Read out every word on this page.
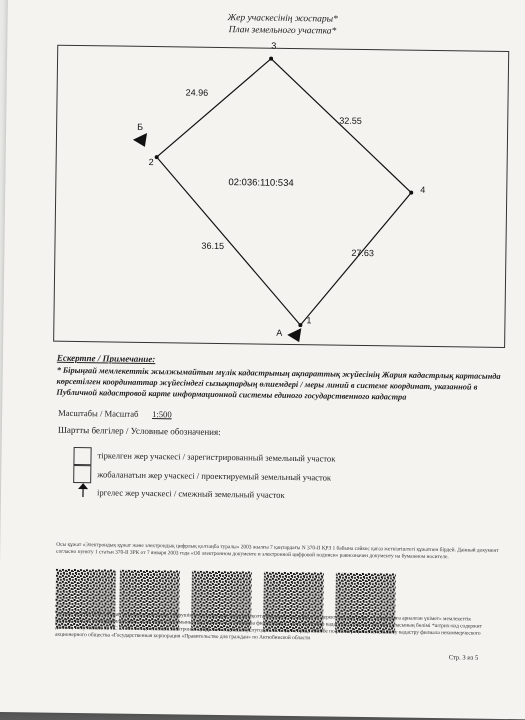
Жер учаскесінің жоспары*
План земельного участка*
3
4
1
2
Б
А
24.96
32.55
27.63
36.15
02:036:110:534
Ескертпе / Примечание:
* Бірыңғай мемлекеттік жылжымайтын мүлік кадастрының ақпараттық жүйесінің Жария кадастрлық картасында көрсетілген координаттар жүйесіндегі сызықтардың өлшемдері / меры линий в системе координат, указанной в Публичной кадастровой карте информационной системы единого государственного кадастра
Масштабы / Масштаб 1:500
Шартты белгілер / Условные обозначения:
тіркелген жер учаскесі / зарегистрированный земельный участок
жобаланатын жер учаскесі / проектируемый земельный участок
іргелес жер учаскесі / смежный земельный участок
Осы құжат «Электрондық құжат және электрондық цифрлық қолтаңба туралы» 2003 жылғы 7 қаңтардағы N 370-II ҚРЗ 1 бабына сәйкес қағаз жеткізгіштегі құжатпен бірдей. Данный документ согласно пункту 1 статьи 370-II ЗРК от 7 января 2003 года «Об электронном документе и электронной цифровой подписи» равнозначен документу на бумажном носителе.
*штрих-код ЖМБМ АЖ-дан алынған және қызмет берушінің электрондық-цифрлық қолтаңбасымен қол қойылған деректерді қамтиды: «Азаматтарға арналған үкімет» мемлекеттік корпорациясы» коммерциялық емес акционерлік қоғамының Ақтөбе облысы бойынша филиалының тіркеу және жер кадастры бойынша Ақтөбе қаласының бөлімі *штрих-код содержит данные, полученные из ИС ЕГКН и подписанные электронно-цифровой подписью услугодателя: Отдел города Актобе по регистрации и земельному кадастру филиала некоммерческого акционерного общества «Государственная корпорация «Правительство для граждан» по Актюбинской области
Стр. 3 из 5
